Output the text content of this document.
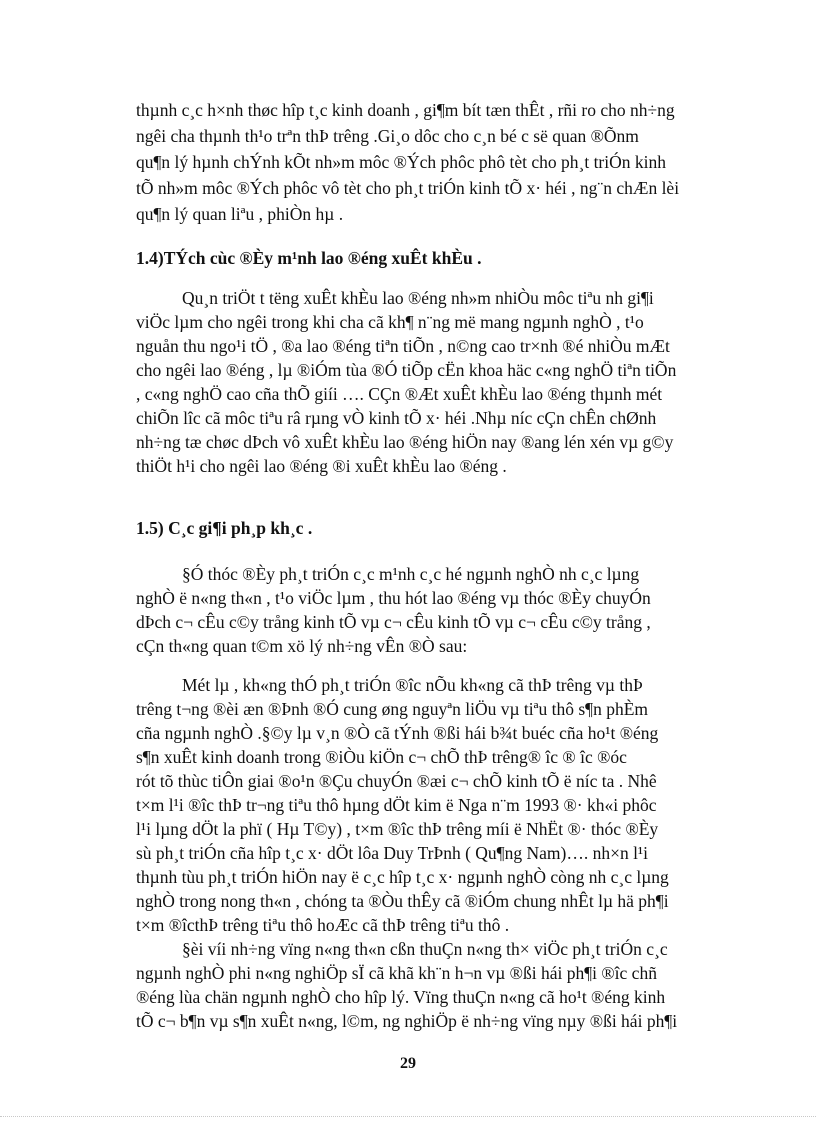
thµnh c¸c h×nh thøc hîp t¸c kinh doanh , gi¶m bít tæn thÊt , rñi ro cho nh÷ng
ngêi cha thµnh th¹o trªn thÞ trêng .Gi¸o dôc cho c¸n bé c së quan ®Õnm
qu¶n lý hµnh chÝnh kÕt nh»m môc ®Ých phôc phô tèt cho ph¸t triÓn kinh
tÕ nh»m môc ®Ých phôc vô tèt cho ph¸t triÓn kinh tÕ x· héi , ng¨n chÆn lèi
qu¶n lý quan liªu , phiÒn hµ .
1.4)TÝch cùc ®Èy m¹nh lao ®éng xuÊt khÈu .
Qu¸n triÖt t tëng xuÊt khÈu lao ®éng nh»m nhiÒu môc tiªu nh gi¶i
viÖc lµm cho ngêi trong khi cha cã kh¶ n¨ng më mang ngµnh nghÒ , t¹o
nguån thu ngo¹i tÖ , ®a lao ®éng tiªn tiÕn , n©ng cao tr×nh ®é nhiÒu mÆt
cho ngêi lao ®éng , lµ ®iÓm tùa ®Ó tiÕp cËn khoa häc c«ng nghÖ tiªn tiÕn
, c«ng nghÖ cao cña thÕ giíi …. CÇn ®Æt xuÊt khÈu lao ®éng thµnh mét
chiÕn lîc cã môc tiªu râ rµng vÒ kinh tÕ x· héi .Nhµ níc cÇn chÊn chØnh
nh÷ng tæ chøc dÞch vô xuÊt khÈu lao ®éng hiÖn nay ®ang lén xén vµ g©y
thiÖt h¹i cho ngêi lao ®éng ®i xuÊt khÈu lao ®éng .
1.5) C¸c gi¶i ph¸p kh¸c .
§Ó thóc ®Èy ph¸t triÓn c¸c m¹nh c¸c hé ngµnh nghÒ nh c¸c lµng
nghÒ ë n«ng th«n , t¹o viÖc lµm , thu hót lao ®éng vµ thóc ®Èy chuyÓn
dÞch c¬ cÊu c©y trång kinh tÕ vµ c¬ cÊu kinh tÕ vµ c¬ cÊu c©y trång ,
cÇn th«ng quan t©m xö lý nh÷ng vÊn ®Ò sau:
Mét lµ , kh«ng thÓ ph¸t triÓn ®îc nÕu kh«ng cã thÞ trêng vµ thÞ
trêng t¬ng ®èi æn ®Þnh ®Ó cung øng nguyªn liÖu vµ tiªu thô s¶n phÈm
cña ngµnh nghÒ .§©y lµ v¸n ®Ò cã tÝnh ®ßi hái b¾t buéc cña ho¹t ®éng
s¶n xuÊt kinh doanh trong ®iÒu kiÖn c¬ chÕ thÞ trêng® îc ® îc ®óc
rót tõ thùc tiÔn giai ®o¹n ®Çu chuyÓn ®æi c¬ chÕ kinh tÕ ë níc ta . Nhê
t×m l¹i ®îc thÞ tr¬ng tiªu thô hµng dÖt kim ë Nga n¨m 1993 ®· kh«i phôc
l¹i lµng dÖt la phï ( Hµ T©y) , t×m ®îc thÞ trêng míi ë NhËt ®· thóc ®Èy
sù ph¸t triÓn cña hîp t¸c x· dÖt lôa Duy TrÞnh ( Qu¶ng Nam)…. nh×n l¹i
thµnh tùu ph¸t triÓn hiÖn nay ë c¸c hîp t¸c x· ngµnh nghÒ còng nh c¸c lµng
nghÒ trong nong th«n , chóng ta ®Òu thÊy cã ®iÓm chung nhÊt lµ hä ph¶i
t×m ®îcthÞ trêng tiªu thô hoÆc cã thÞ trêng tiªu thô .
§èi víi nh÷ng vïng n«ng th«n cßn thuÇn n«ng th× viÖc ph¸t triÓn c¸c
ngµnh nghÒ phi n«ng nghiÖp sÏ cã khã kh¨n h¬n vµ ®ßi hái ph¶i ®îc chñ
®éng lùa chän ngµnh nghÒ cho hîp lý. Vïng thuÇn n«ng cã ho¹t ®éng kinh
tÕ c¬ b¶n vµ s¶n xuÊt n«ng, l©m, ng nghiÖp ë nh÷ng vïng nµy ®ßi hái ph¶i
29
